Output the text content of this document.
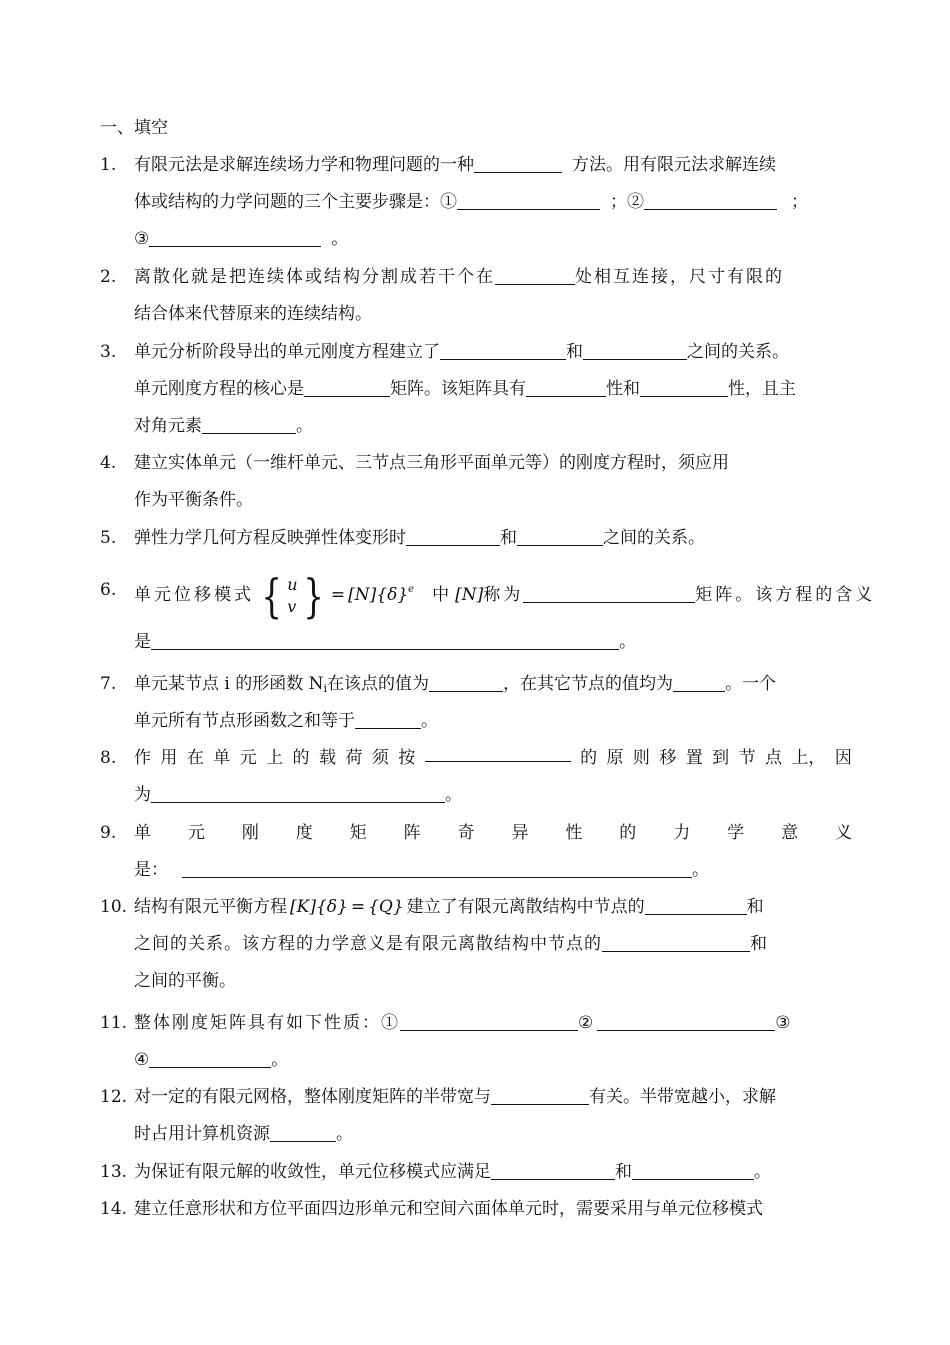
一、填空
1.	有限元法是求解连续场力学和物理问题的一种	方法。用有限元法求解连续
体或结构的力学问题的三个主要步骤是：①	；②	；
③	。
2.	离散化就是把连续体或结构分割成若干个在	处相互连接，尺寸有限的
结合体来代替原来的连续结构。
3.	单元分析阶段导出的单元刚度方程建立了	和	之间的关系。
单元刚度方程的核心是	矩阵。该矩阵具有	性和	性，且主
对角元素	。
4.	建立实体单元（一维杆单元、三节点三角形平面单元等）的刚度方程时，须应用
作为平衡条件。
5.	弹性力学几何方程反映弹性体变形时	和	之间的关系。
6.	单元位移模式 { u
v } = $[N]\{\delta\}^e$ 中 [N]称为	矩阵。该方程的含义
是	。
7.	单元某节点 i 的形函数 $N_i$在该点的值为	，在其它节点的值均为	。一个
单元所有节点形函数之和等于	。
8.	作 用 在 单 元 上 的 载 荷 须 按	的 原 则 移 置 到 节 点 上， 因
为	。
9.	单 元 刚 度 矩 阵 奇 异 性 的 力 学 意 义
是：	。
10. 结构有限元平衡方程 [K]{δ} = {Q} 建立了有限元离散结构中节点的	和
之间的关系。该方程的力学意义是有限元离散结构中节点的	和
之间的平衡。
11. 整体刚度矩阵具有如下性质：①	②	③
④	。
12. 对一定的有限元网格，整体刚度矩阵的半带宽与	有关。半带宽越小，求解
时占用计算机资源	。
13. 为保证有限元解的收敛性，单元位移模式应满足	和	。
14. 建立任意形状和方位平面四边形单元和空间六面体单元时，需要采用与单元位移模式
